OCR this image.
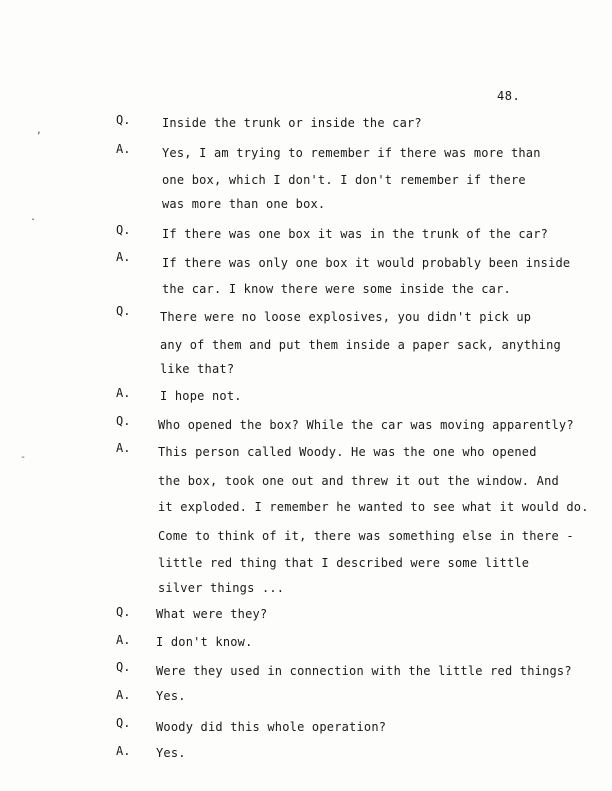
48.
,
.
-
Q.	Inside the trunk or inside the car?
A.	Yes, I am trying to remember if there was more than
one box, which I don't. I don't remember if there
was more than one box.
Q.	If there was one box it was in the trunk of the car?
A.	If there was only one box it would probably been inside
the car. I know there were some inside the car.
Q. There were no loose explosives, you didn't pick up
any of them and put them inside a paper sack, anything
like that?
A. I hope not.
Q. Who opened the box? While the car was moving apparently?
A. This person called Woody. He was the one who opened
the box, took one out and threw it out the window. And
it exploded. I remember he wanted to see what it would do.
Come to think of it, there was something else in there -
little red thing that I described were some little
silver things ...
Q. What were they?
A. I don't know.
Q. Were they used in connection with the little red things?
A. Yes.
Q. Woody did this whole operation?
A. Yes.
